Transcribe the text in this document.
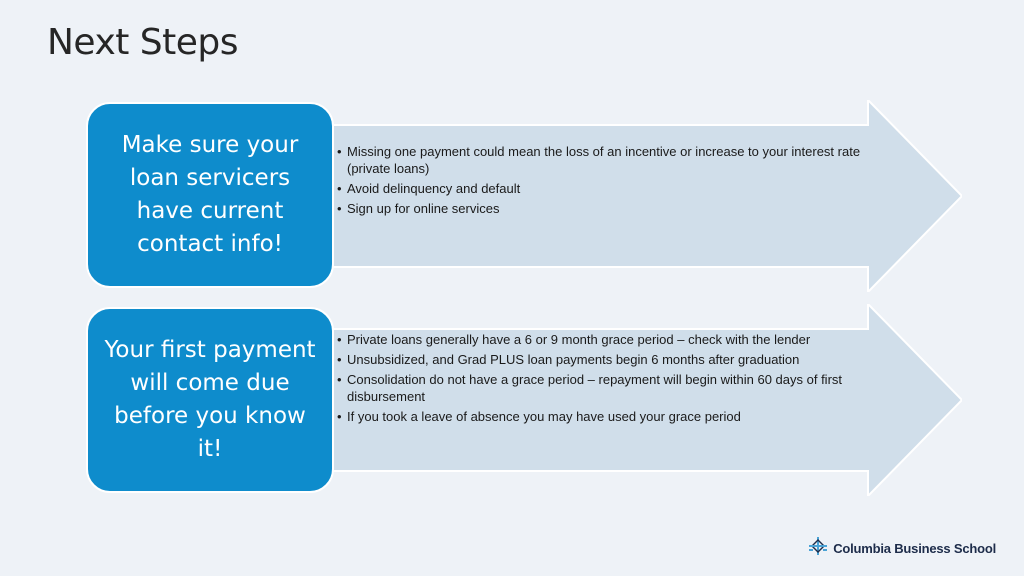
Next Steps
Make sure your loan servicers have current contact info!
• Missing one payment could mean the loss of an incentive or increase to your interest rate (private loans)
• Avoid delinquency and default
• Sign up for online services
Your first payment will come due before you know it!
• Private loans generally have a 6 or 9 month grace period – check with the lender
• Unsubsidized, and Grad PLUS loan payments begin 6 months after graduation
• Consolidation do not have a grace period – repayment will begin within 60 days of first disbursement
• If you took a leave of absence you may have used your grace period
Columbia Business School
